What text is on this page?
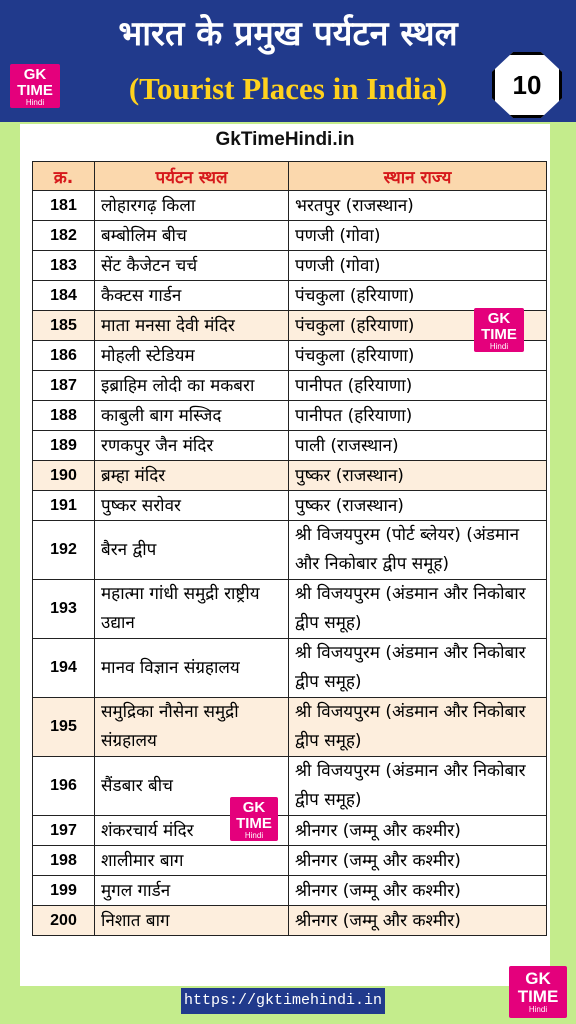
भारत के प्रमुख पर्यटन स्थल
(Tourist Places in India)
GK
TIME
Hindi
10
GkTimeHindi.in
क्र.	पर्यटन स्थल	स्थान राज्य
181	लोहारगढ़ किला	भरतपुर (राजस्थान)
182	बम्बोलिम बीच	पणजी (गोवा)
183	सेंट कैजेटन चर्च	पणजी (गोवा)
184	कैक्टस गार्डन	पंचकुला (हरियाणा)
185	माता मनसा देवी मंदिर	पंचकुला (हरियाणा)
186	मोहली स्टेडियम	पंचकुला (हरियाणा)
187	इब्राहिम लोदी का मकबरा	पानीपत (हरियाणा)
188	काबुली बाग मस्जिद	पानीपत (हरियाणा)
189	रणकपुर जैन मंदिर	पाली (राजस्थान)
190	ब्रम्हा मंदिर	पुष्कर (राजस्थान)
191	पुष्कर सरोवर	पुष्कर (राजस्थान)
192	बैरन द्वीप	श्री विजयपुरम (पोर्ट ब्लेयर) (अंडमान और निकोबार द्वीप समूह)
193	महात्मा गांधी समुद्री राष्ट्रीय उद्यान	श्री विजयपुरम (अंडमान और निकोबार द्वीप समूह)
194	मानव विज्ञान संग्रहालय	श्री विजयपुरम (अंडमान और निकोबार द्वीप समूह)
195	समुद्रिका नौसेना समुद्री संग्रहालय	श्री विजयपुरम (अंडमान और निकोबार द्वीप समूह)
196	सैंडबार बीच	श्री विजयपुरम (अंडमान और निकोबार द्वीप समूह)
197	शंकरचार्य मंदिर	श्रीनगर (जम्मू और कश्मीर)
198	शालीमार बाग	श्रीनगर (जम्मू और कश्मीर)
199	मुगल गार्डन	श्रीनगर (जम्मू और कश्मीर)
200	निशात बाग	श्रीनगर (जम्मू और कश्मीर)
GK
TIME
Hindi
GK
TIME
Hindi
https://gktimehindi.in
GK
TIME
Hindi
